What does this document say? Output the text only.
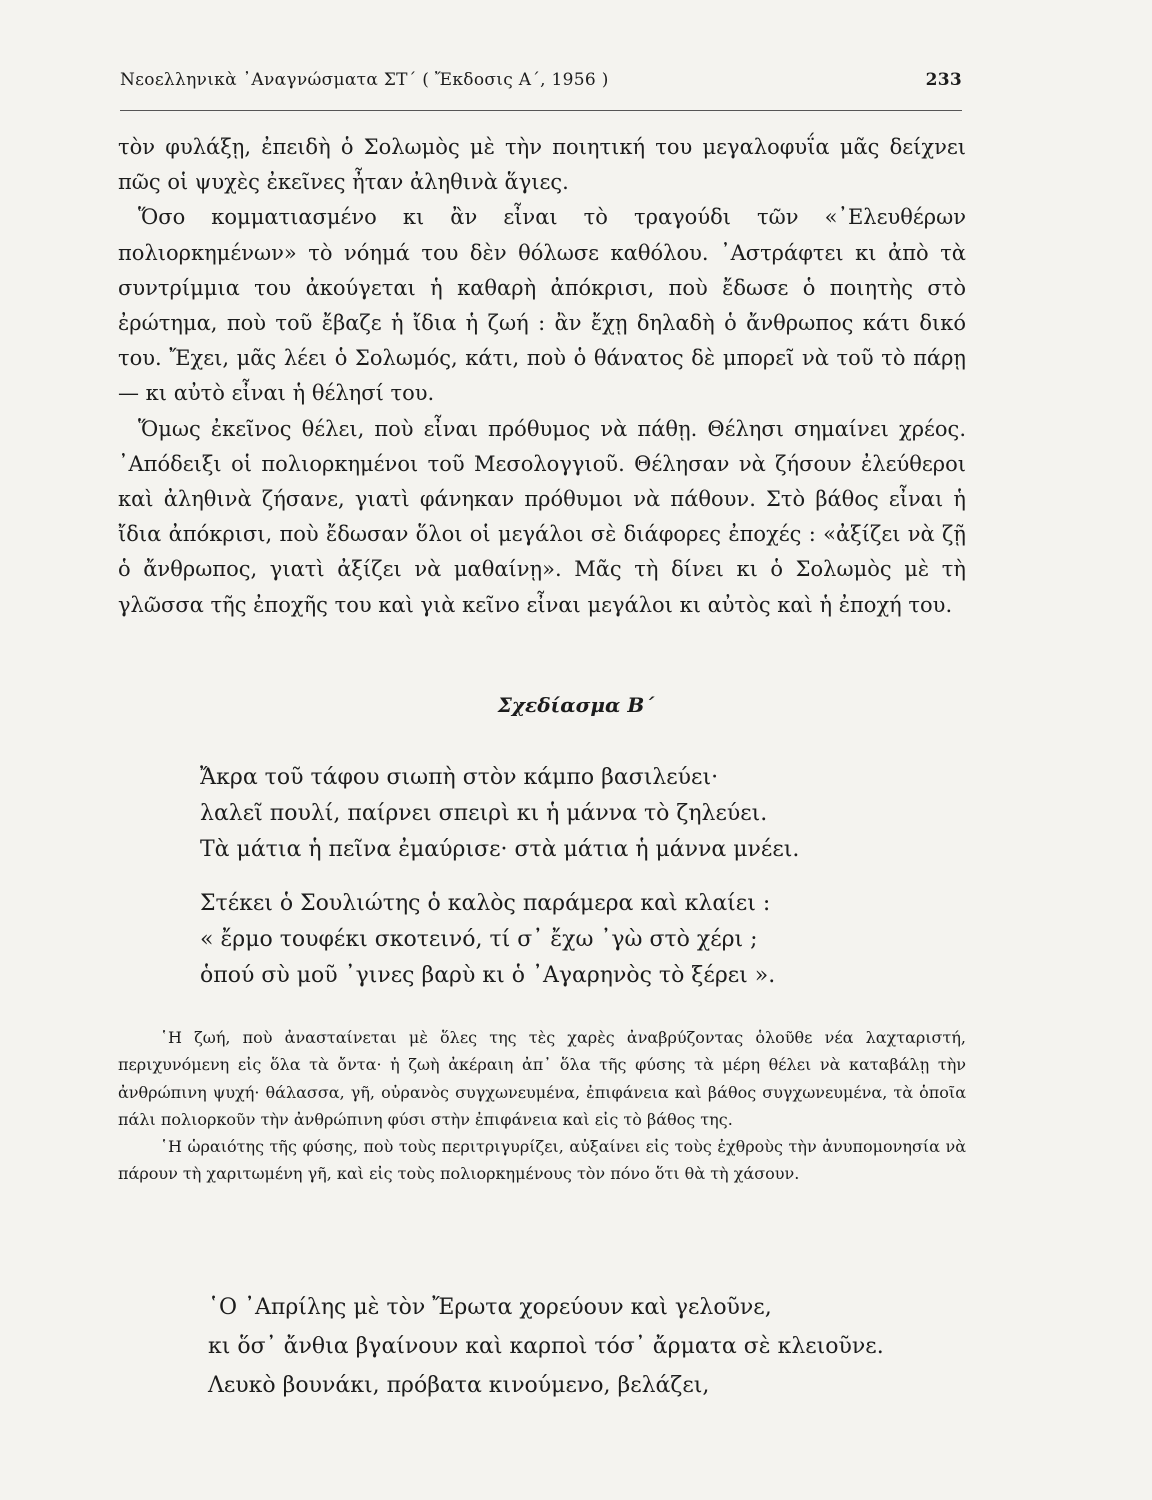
Νεοελληνικὰ ᾿Αναγνώσματα ΣΤ´ ( Ἔκδοσις Α´, 1956 )	233

τὸν φυλάξῃ, ἐπειδὴ ὁ Σολωμὸς μὲ τὴν ποιητική του μεγαλοφυΐα μᾶς δείχνει πῶς οἱ ψυχὲς ἐκεῖνες ἦταν ἀληθινὰ ἅγιες.

Ὅσο κομματιασμένο κι ἂν εἶναι τὸ τραγούδι τῶν «᾿Ελευθέρων πολιορκημένων» τὸ νόημά του δὲν θόλωσε καθόλου. ᾿Αστράφτει κι ἀπὸ τὰ συντρίμμια του ἀκούγεται ἡ καθαρὴ ἀπόκρισι, ποὺ ἔδωσε ὁ ποιητὴς στὸ ἐρώτημα, ποὺ τοῦ ἔβαζε ἡ ἴδια ἡ ζωή : ἂν ἔχῃ δηλαδὴ ὁ ἄνθρωπος κάτι δικό του. Ἔχει, μᾶς λέει ὁ Σολωμός, κάτι, ποὺ ὁ θάνατος δὲ μπορεῖ νὰ τοῦ τὸ πάρῃ — κι αὐτὸ εἶναι ἡ θέλησί του.

Ὅμως ἐκεῖνος θέλει, ποὺ εἶναι πρόθυμος νὰ πάθῃ. Θέλησι σημαίνει χρέος. ᾿Απόδειξι οἱ πολιορκημένοι τοῦ Μεσολογγιοῦ. Θέλησαν νὰ ζήσουν ἐλεύθεροι καὶ ἀληθινὰ ζήσανε, γιατὶ φάνηκαν πρόθυμοι νὰ πάθουν. Στὸ βάθος εἶναι ἡ ἴδια ἀπόκρισι, ποὺ ἔδωσαν ὅλοι οἱ μεγάλοι σὲ διάφορες ἐποχές : «ἀξίζει νὰ ζῇ ὁ ἄνθρωπος, γιατὶ ἀξίζει νὰ μαθαίνῃ». Μᾶς τὴ δίνει κι ὁ Σολωμὸς μὲ τὴ γλῶσσα τῆς ἐποχῆς του καὶ γιὰ κεῖνο εἶναι μεγάλοι κι αὐτὸς καὶ ἡ ἐποχή του.

Σχεδίασμα Β´
Ἄκρα τοῦ τάφου σιωπὴ στὸν κάμπο βασιλεύει·
λαλεῖ πουλί, παίρνει σπειρὶ κι ἡ μάννα τὸ ζηλεύει.
Τὰ μάτια ἡ πεῖνα ἐμαύρισε· στὰ μάτια ἡ μάννα μνέει.
Στέκει ὁ Σουλιώτης ὁ καλὸς παράμερα καὶ κλαίει :
« ἔρμο τουφέκι σκοτεινό, τί σ᾿ ἔχω ᾿γὼ στὸ χέρι ;
ὁπού σὺ μοῦ ᾿γινες βαρὺ κι ὁ ᾿Αγαρηνὸς τὸ ξέρει ».

῾Η ζωή, ποὺ ἀνασταίνεται μὲ ὅλες της τὲς χαρὲς ἀναβρύζοντας ὁλοῦθε νέα λαχταριστή, περιχυνόμενη εἰς ὅλα τὰ ὄντα· ἡ ζωὴ ἀκέραιη ἀπ᾿ ὅλα τῆς φύσης τὰ μέρη θέλει νὰ καταβάλῃ τὴν ἀνθρώπινη ψυχή· θάλασσα, γῆ, οὐρανὸς συγχωνευμένα, ἐπιφάνεια καὶ βάθος συγχωνευμένα, τὰ ὁποῖα πάλι πολιορκοῦν τὴν ἀνθρώπινη φύσι στὴν ἐπιφάνεια καὶ εἰς τὸ βάθος της.

῾Η ὡραιότης τῆς φύσης, ποὺ τοὺς περιτριγυρίζει, αὐξαίνει εἰς τοὺς ἐχθροὺς τὴν ἀνυπομονησία νὰ πάρουν τὴ χαριτωμένη γῆ, καὶ εἰς τοὺς πολιορκημένους τὸν πόνο ὅτι θὰ τὴ χάσουν.

῾Ο ᾿Απρίλης μὲ τὸν Ἔρωτα χορεύουν καὶ γελοῦνε,
κι ὅσ᾿ ἄνθια βγαίνουν καὶ καρποὶ τόσ᾿ ἄρματα σὲ κλειοῦνε.
Λευκὸ βουνάκι, πρόβατα κινούμενο, βελάζει,
